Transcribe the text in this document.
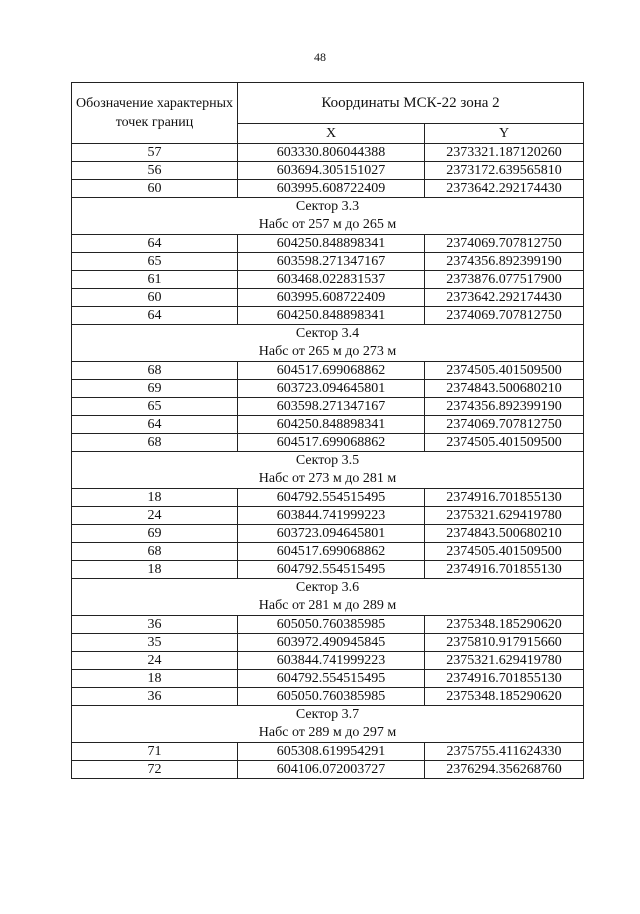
48
Обозначение характерных точек границ	Координаты МСК-22 зона 2	
	X	Y
57	603330.806044388	2373321.187120260
56	603694.305151027	2373172.639565810
60	603995.608722409	2373642.292174430

Сектор 3.3
Набс от 257 м до 265 м		

64	604250.848898341	2374069.707812750
65	603598.271347167	2374356.892399190
61	603468.022831537	2373876.077517900
60	603995.608722409	2373642.292174430
64	604250.848898341	2374069.707812750

Сектор 3.4
Набс от 265 м до 273 м		

68	604517.699068862	2374505.401509500
69	603723.094645801	2374843.500680210
65	603598.271347167	2374356.892399190
64	604250.848898341	2374069.707812750
68	604517.699068862	2374505.401509500

Сектор 3.5
Набс от 273 м до 281 м		

18	604792.554515495	2374916.701855130
24	603844.741999223	2375321.629419780
69	603723.094645801	2374843.500680210
68	604517.699068862	2374505.401509500
18	604792.554515495	2374916.701855130

Сектор 3.6
Набс от 281 м до 289 м		

36	605050.760385985	2375348.185290620
35	603972.490945845	2375810.917915660
24	603844.741999223	2375321.629419780
18	604792.554515495	2374916.701855130
36	605050.760385985	2375348.185290620

Сектор 3.7
Набс от 289 м до 297 м		

71	605308.619954291	2375755.411624330
72	604106.072003727	2376294.356268760
